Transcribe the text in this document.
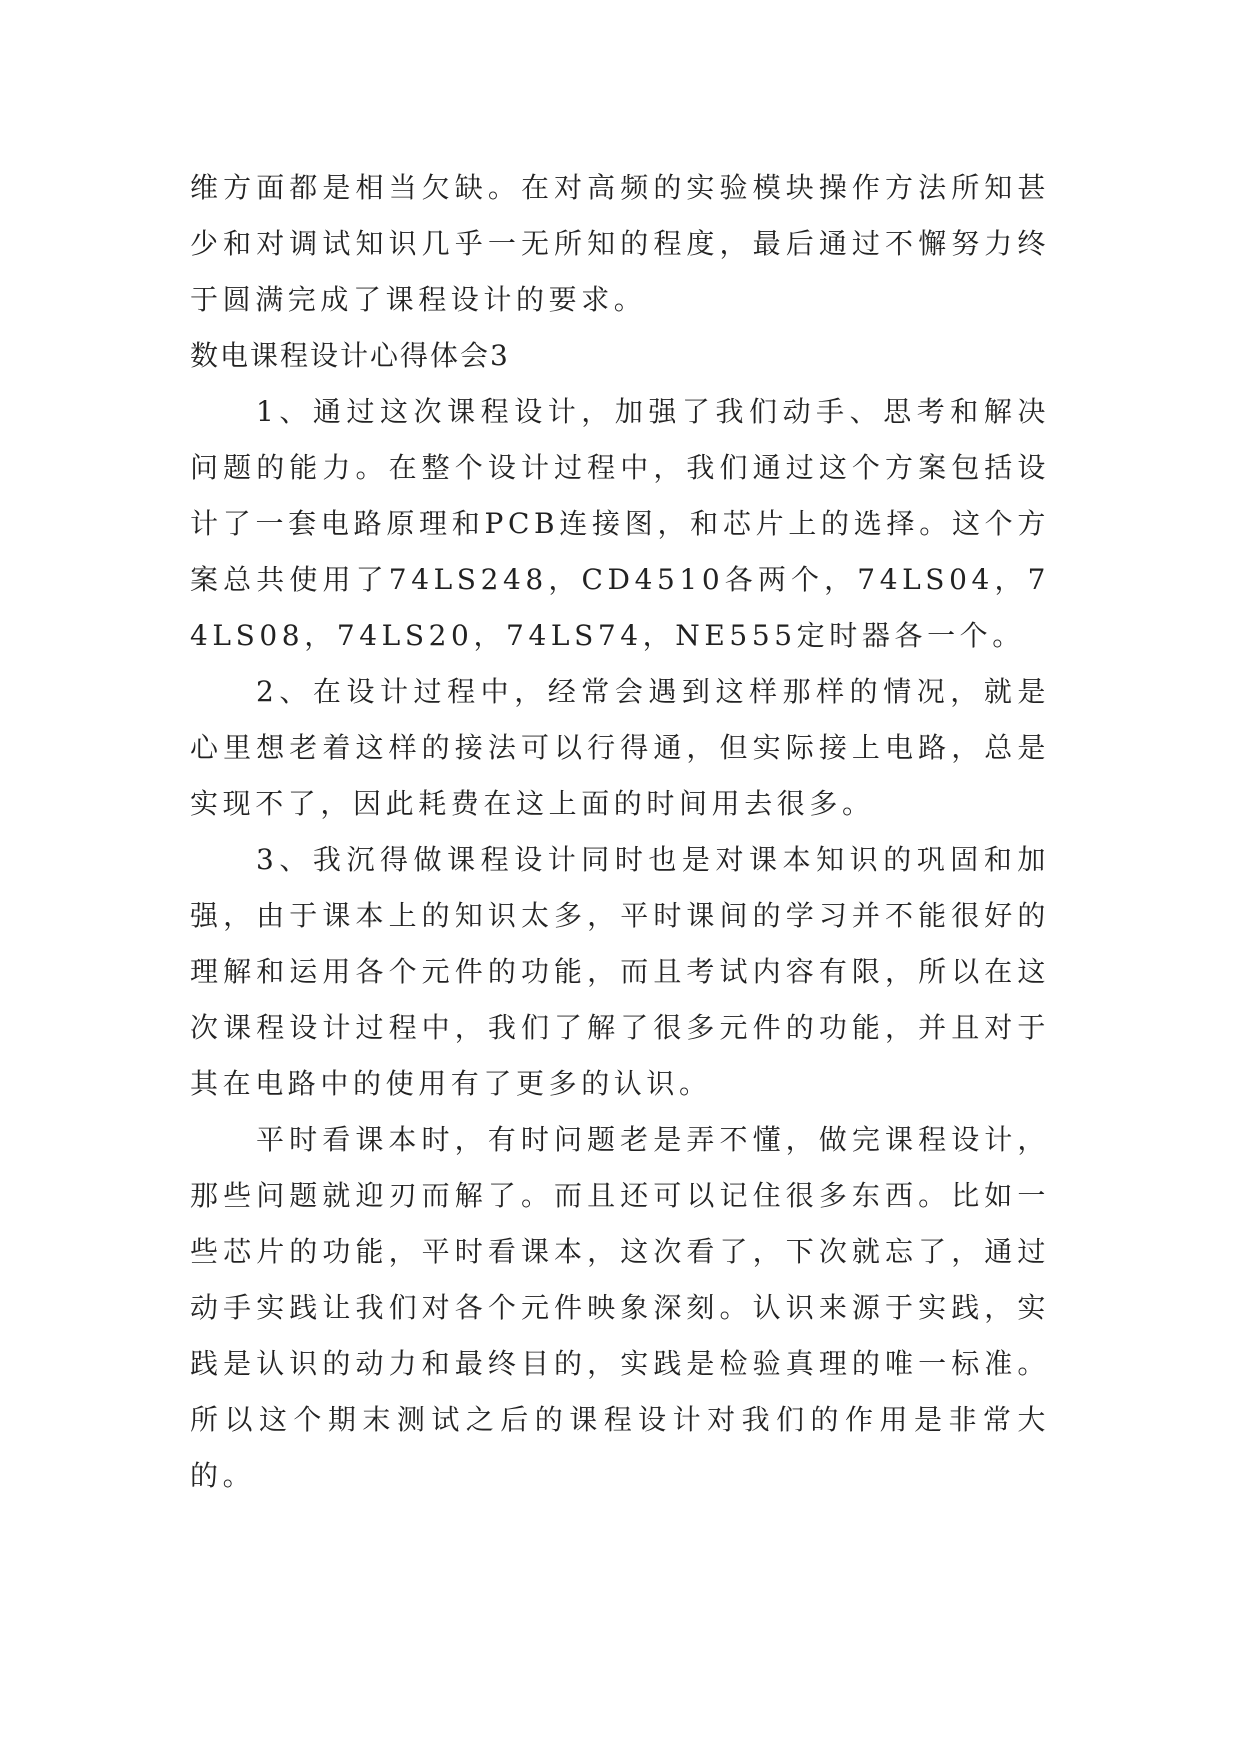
维方面都是相当欠缺。在对高频的实验模块操作方法所知甚少和对调试知识几乎一无所知的程度，最后通过不懈努力终于圆满完成了课程设计的要求。

数电课程设计心得体会3

1、通过这次课程设计，加强了我们动手、思考和解决问题的能力。在整个设计过程中，我们通过这个方案包括设计了一套电路原理和PCB连接图，和芯片上的选择。这个方案总共使用了74LS248，CD4510各两个，74LS04，74LS08，74LS20，74LS74，NE555定时器各一个。

2、在设计过程中，经常会遇到这样那样的情况，就是心里想老着这样的接法可以行得通，但实际接上电路，总是实现不了，因此耗费在这上面的时间用去很多。

3、我沉得做课程设计同时也是对课本知识的巩固和加强，由于课本上的知识太多，平时课间的学习并不能很好的理解和运用各个元件的功能，而且考试内容有限，所以在这次课程设计过程中，我们了解了很多元件的功能，并且对于其在电路中的使用有了更多的认识。

平时看课本时，有时问题老是弄不懂，做完课程设计，那些问题就迎刃而解了。而且还可以记住很多东西。比如一些芯片的功能，平时看课本，这次看了，下次就忘了，通过动手实践让我们对各个元件映象深刻。认识来源于实践，实践是认识的动力和最终目的，实践是检验真理的唯一标准。所以这个期末测试之后的课程设计对我们的作用是非常大的。
